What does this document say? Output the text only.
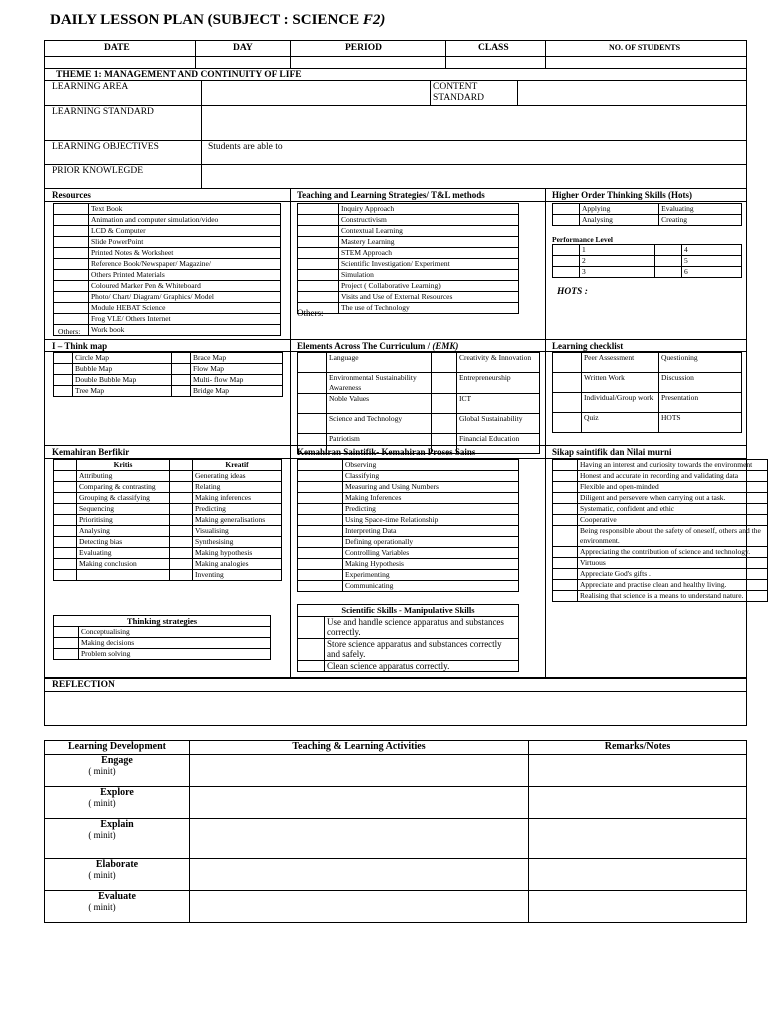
DAILY LESSON PLAN (SUBJECT : SCIENCE F2)
DATE	DAY	PERIOD	CLASS	NO. OF STUDENTS
THEME 1: MANAGEMENT AND CONTINUITY OF LIFE
LEARNING AREA	CONTENT STANDARD
LEARNING STANDARD
LEARNING OBJECTIVES	Students are able to
PRIOR KNOWLEGDE
Resources	Teaching and Learning Strategies/ T&L methods	Higher Order Thinking Skills (Hots)
	Text Book
	Animation and computer simulation/video
	LCD & Computer
	Slide PowerPoint
	Printed Notes & Worksheet
	Reference Book/Newspaper/ Magazine/
	Others Printed Materials
	Coloured Marker Pen & Whiteboard
	Photo/ Chart/ Diagram/ Graphics/ Model
	Module HEBAT Science
	Frog VLE/ Others Internet
	Work book

Others:
	Inquiry Approach
	Constructivism
	Contextual Learning
	Mastery Learning
	STEM Approach
	Scientific Investigation/ Experiment
	Simulation
	Project ( Collaborative Learning)
	Visits and Use of External Resources
	The use of Technology
Others:
	Applying	Evaluating
	Analysing	Creating
Performance Level
	1		4
	2		5
	3		6
HOTS :
I – Think map	Elements Across The Curriculum / (EMK)	Learning checklist
	Circle Map		Brace Map
	Bubble Map		Flow Map
	Double Bubble Map		Multi- flow Map
	Tree Map		Bridge Map
	Language		Creativity & Innovation
	Environmental Sustainability Awareness		Entrepreneurship
	Noble Values		ICT
	Science and Technology		Global Sustainability
	Patriotism		Financial Education
	Peer Assessment	Questioning
	Written Work	Discussion
	Individual/Group work	Presentation
	Quiz	HOTS
Kemahiran Berfikir	Kemahiran Saintifik- Kemahiran Proses Sains	Sikap saintifik dan Nilai murni
	Kritis		Kreatif
	Attributing		Generating ideas
	Comparing & contrasting		Relating
	Grouping & classifying		Making inferences
	Sequencing		Predicting
	Prioritising		Making generalisations
	Analysing		Visualising
	Detecting bias		Synthesising
	Evaluating		Making hypothesis
	Making conclusion		Making analogies
			Inventing
Thinking strategies	
	Conceptualising
	Making decisions
	Problem solving
	Observing
	Classifying
	Measuring and Using Numbers
	Making Inferences
	Predicting
	Using Space-time Relationship
	Interpreting Data
	Defining operationally
	Controlling Variables
	Making Hypothesis
	Experimenting
	Communicating
Scientific Skills - Manipulative Skills	
	Use and handle science apparatus and substances correctly.
	Store science apparatus and substances correctly and safely.
	Clean science apparatus correctly.
	Having an interest and curiosity towards the environment
	Honest and accurate in recording and validating data
	Flexible and open-minded
	Diligent and persevere when carrying out a task.
	Systematic, confident and ethic
	Cooperative
	Being responsible about the safety of oneself, others and the environment.
	Appreciating the contribution of science and technology.
	Virtuous
	Appreciate God's gifts .
	Appreciate and practise clean and healthy living.
	Realising that science is a means to understand nature.
REFLECTION
Learning Development	Teaching & Learning Activities	Remarks/Notes

Engage
( minit)		

Explore
( minit)		

Explain
( minit)		

Elaborate
( minit)		

Evaluate
( minit)		
